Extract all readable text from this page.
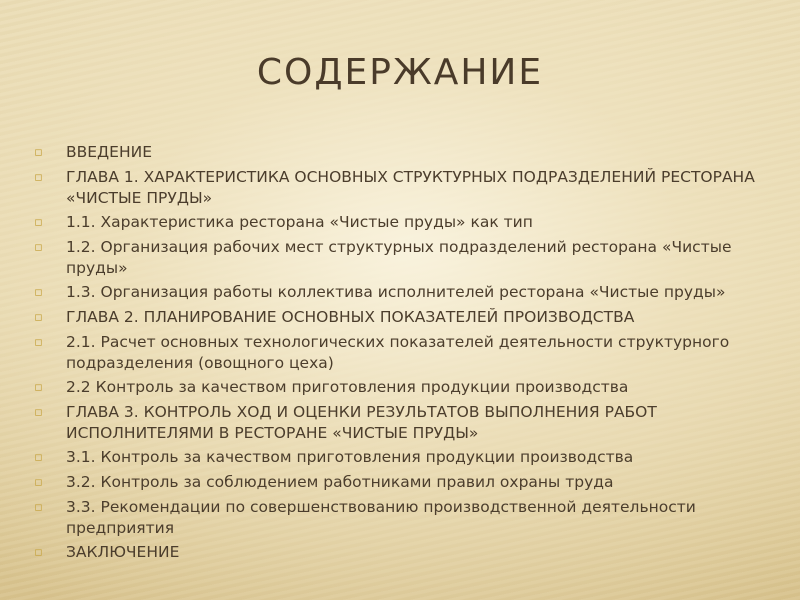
СОДЕРЖАНИЕ
▫ ВВЕДЕНИЕ
▫ ГЛАВА 1. ХАРАКТЕРИСТИКА ОСНОВНЫХ СТРУКТУРНЫХ ПОДРАЗДЕЛЕНИЙ РЕСТОРАНА «ЧИСТЫЕ ПРУДЫ»
▫ 1.1. Характеристика ресторана «Чистые пруды» как тип
▫ 1.2. Организация рабочих мест структурных подразделений ресторана «Чистые пруды»
▫ 1.3. Организация работы коллектива исполнителей ресторана «Чистые пруды»
▫ ГЛАВА 2. ПЛАНИРОВАНИЕ ОСНОВНЫХ ПОКАЗАТЕЛЕЙ ПРОИЗВОДСТВА
▫ 2.1. Расчет основных технологических показателей деятельности структурного подразделения (овощного цеха)
▫ 2.2 Контроль за качеством приготовления продукции производства
▫ ГЛАВА 3. КОНТРОЛЬ ХОД И ОЦЕНКИ РЕЗУЛЬТАТОВ ВЫПОЛНЕНИЯ РАБОТ ИСПОЛНИТЕЛЯМИ В РЕСТОРАНЕ «ЧИСТЫЕ ПРУДЫ»
▫ 3.1. Контроль за качеством приготовления продукции производства
▫ 3.2. Контроль за соблюдением работниками правил охраны труда
▫ 3.3. Рекомендации по совершенствованию производственной деятельности предприятия
▫ ЗАКЛЮЧЕНИЕ
